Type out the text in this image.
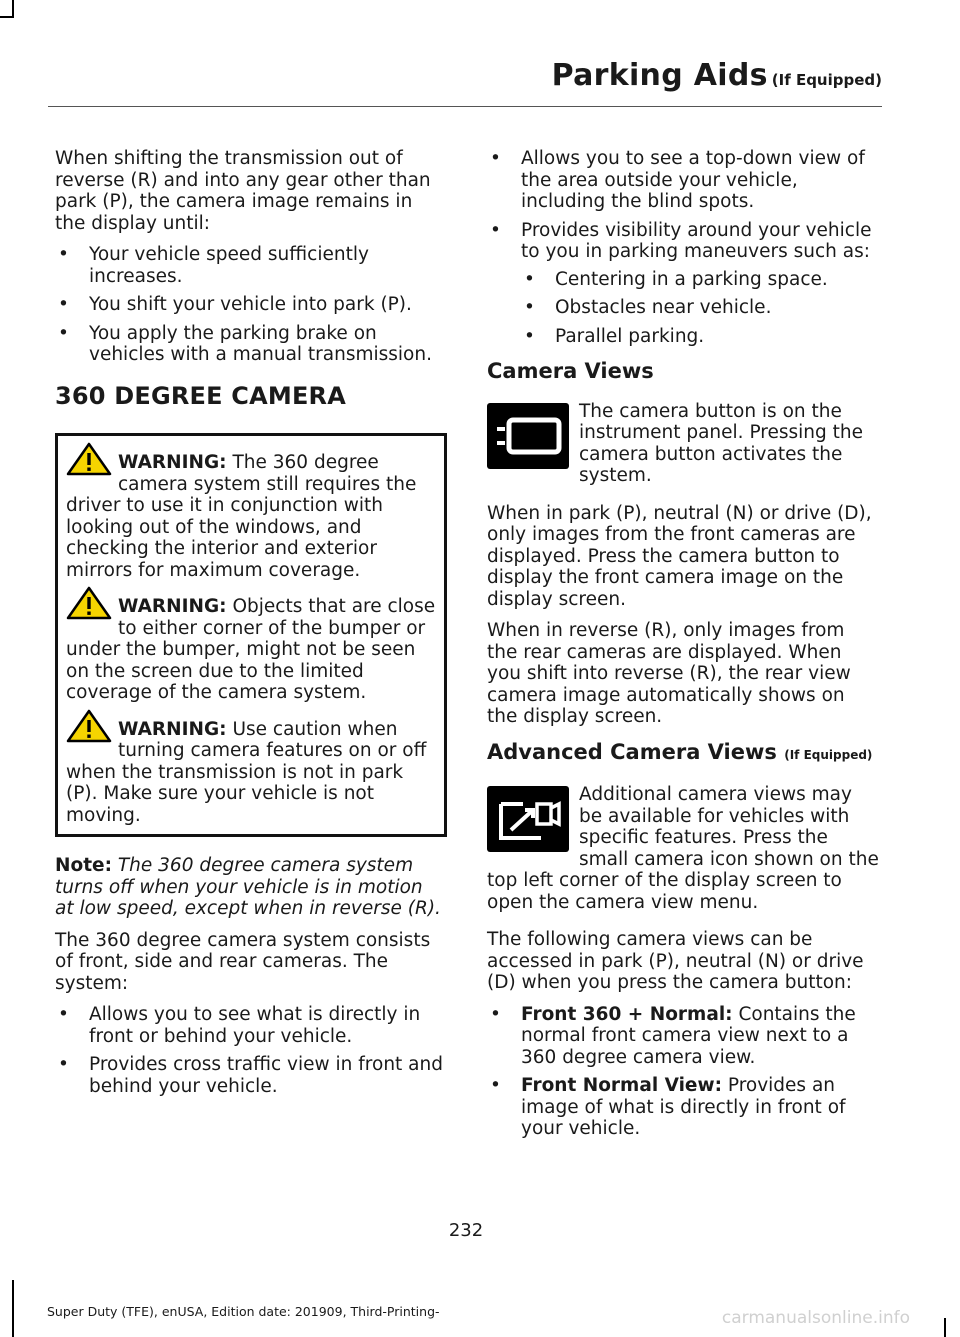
Parking Aids (If Equipped)

When shifting the transmission out of reverse (R) and into any gear other than park (P), the camera image remains in the display until:

• Your vehicle speed sufficiently increases.
• You shift your vehicle into park (P).
• You apply the parking brake on vehicles with a manual transmission.
360 DEGREE CAMERA
WARNING: The 360 degree camera system still requires the driver to use it in conjunction with looking out of the windows, and checking the interior and exterior mirrors for maximum coverage.
WARNING: Objects that are close to either corner of the bumper or under the bumper, might not be seen on the screen due to the limited coverage of the camera system.
WARNING: Use caution when turning camera features on or off when the transmission is not in park (P). Make sure your vehicle is not moving.

Note: The 360 degree camera system turns off when your vehicle is in motion at low speed, except when in reverse (R).

The 360 degree camera system consists of front, side and rear cameras. The system:

• Allows you to see what is directly in front or behind your vehicle.
• Provides cross traffic view in front and behind your vehicle.
• Allows you to see a top-down view of the area outside your vehicle, including the blind spots.
• Provides visibility around your vehicle to you in parking maneuvers such as:
• Centering in a parking space.
• Obstacles near vehicle.
• Parallel parking.
Camera Views
The camera button is on the instrument panel. Pressing the camera button activates the system.

When in park (P), neutral (N) or drive (D), only images from the front cameras are displayed. Press the camera button to display the front camera image on the display screen.

When in reverse (R), only images from the rear cameras are displayed. When you shift into reverse (R), the rear view camera image automatically shows on the display screen.

Advanced Camera Views (If Equipped)
Additional camera views may be available for vehicles with specific features. Press the small camera icon shown on the top left corner of the display screen to open the camera view menu.

The following camera views can be accessed in park (P), neutral (N) or drive (D) when you press the camera button:

• Front 360 + Normal: Contains the normal front camera view next to a 360 degree camera view.
• Front Normal View: Provides an image of what is directly in front of your vehicle.
232
Super Duty (TFE), enUSA, Edition date: 201909, Third-Printing-	carmanualsonline.info
